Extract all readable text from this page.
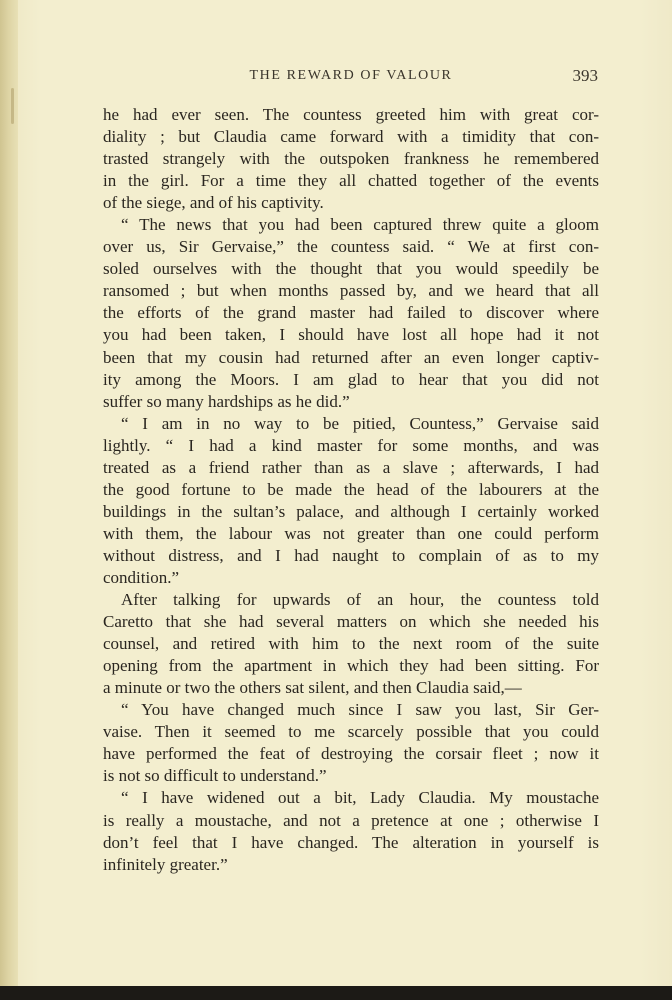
THE REWARD OF VALOUR	393
he had ever seen. The countess greeted him with great cor-
diality ; but Claudia came forward with a timidity that con-
trasted strangely with the outspoken frankness he remembered
in the girl. For a time they all chatted together of the events
of the siege, and of his captivity.
“ The news that you had been captured threw quite a gloom
over us, Sir Gervaise,” the countess said. “ We at first con-
soled ourselves with the thought that you would speedily be
ransomed ; but when months passed by, and we heard that all
the efforts of the grand master had failed to discover where
you had been taken, I should have lost all hope had it not
been that my cousin had returned after an even longer captiv-
ity among the Moors. I am glad to hear that you did not
suffer so many hardships as he did.”
“ I am in no way to be pitied, Countess,” Gervaise said
lightly. “ I had a kind master for some months, and was
treated as a friend rather than as a slave ; afterwards, I had
the good fortune to be made the head of the labourers at the
buildings in the sultan’s palace, and although I certainly worked
with them, the labour was not greater than one could perform
without distress, and I had naught to complain of as to my
condition.”
After talking for upwards of an hour, the countess told
Caretto that she had several matters on which she needed his
counsel, and retired with him to the next room of the suite
opening from the apartment in which they had been sitting. For
a minute or two the others sat silent, and then Claudia said,—
“ You have changed much since I saw you last, Sir Ger-
vaise. Then it seemed to me scarcely possible that you could
have performed the feat of destroying the corsair fleet ; now it
is not so difficult to understand.”
“ I have widened out a bit, Lady Claudia. My moustache
is really a moustache, and not a pretence at one ; otherwise I
don’t feel that I have changed. The alteration in yourself is
infinitely greater.”
